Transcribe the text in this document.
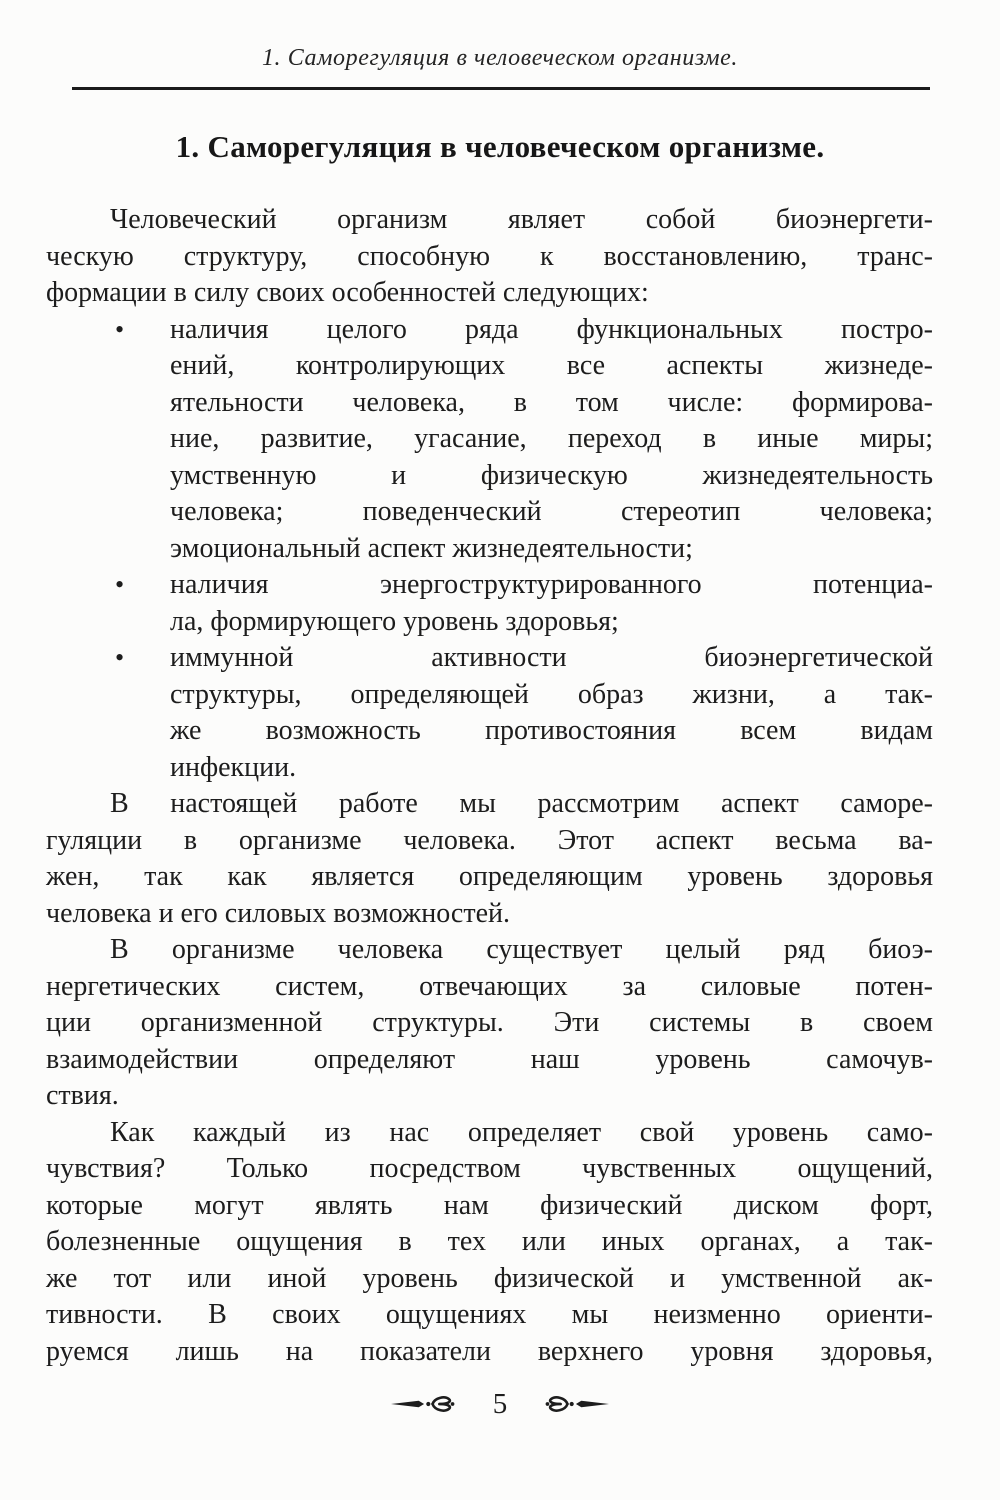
1. Саморегуляция в человеческом организме.
1. Саморегуляция в человеческом организме.
Человеческий организм являет собой биоэнергети-
ческую структуру, способную к восстановлению, транс-
формации в силу своих особенностей следующих:
• наличия целого ряда функциональных постро-
ений, контролирующих все аспекты жизнеде-
ятельности человека, в том числе: формирова-
ние, развитие, угасание, переход в иные миры;
умственную и физическую жизнедеятельность
человека; поведенческий стереотип человека;
эмоциональный аспект жизнедеятельности;
• наличия энергоструктурированного потенциа-
ла, формирующего уровень здоровья;
• иммунной активности биоэнергетической
структуры, определяющей образ жизни, а так-
же возможность противостояния всем видам
инфекции.
В настоящей работе мы рассмотрим аспект саморе-
гуляции в организме человека. Этот аспект весьма ва-
жен, так как является определяющим уровень здоровья
человека и его силовых возможностей.
В организме человека существует целый ряд биоэ-
нергетических систем, отвечающих за силовые потен-
ции организменной структуры. Эти системы в своем
взаимодействии определяют наш уровень самочув-
ствия.
Как каждый из нас определяет свой уровень само-
чувствия? Только посредством чувственных ощущений,
которые могут являть нам физический диском форт,
болезненные ощущения в тех или иных органах, а так-
же тот или иной уровень физической и умственной ак-
тивности. В своих ощущениях мы неизменно ориенти-
руемся лишь на показатели верхнего уровня здоровья,
5
